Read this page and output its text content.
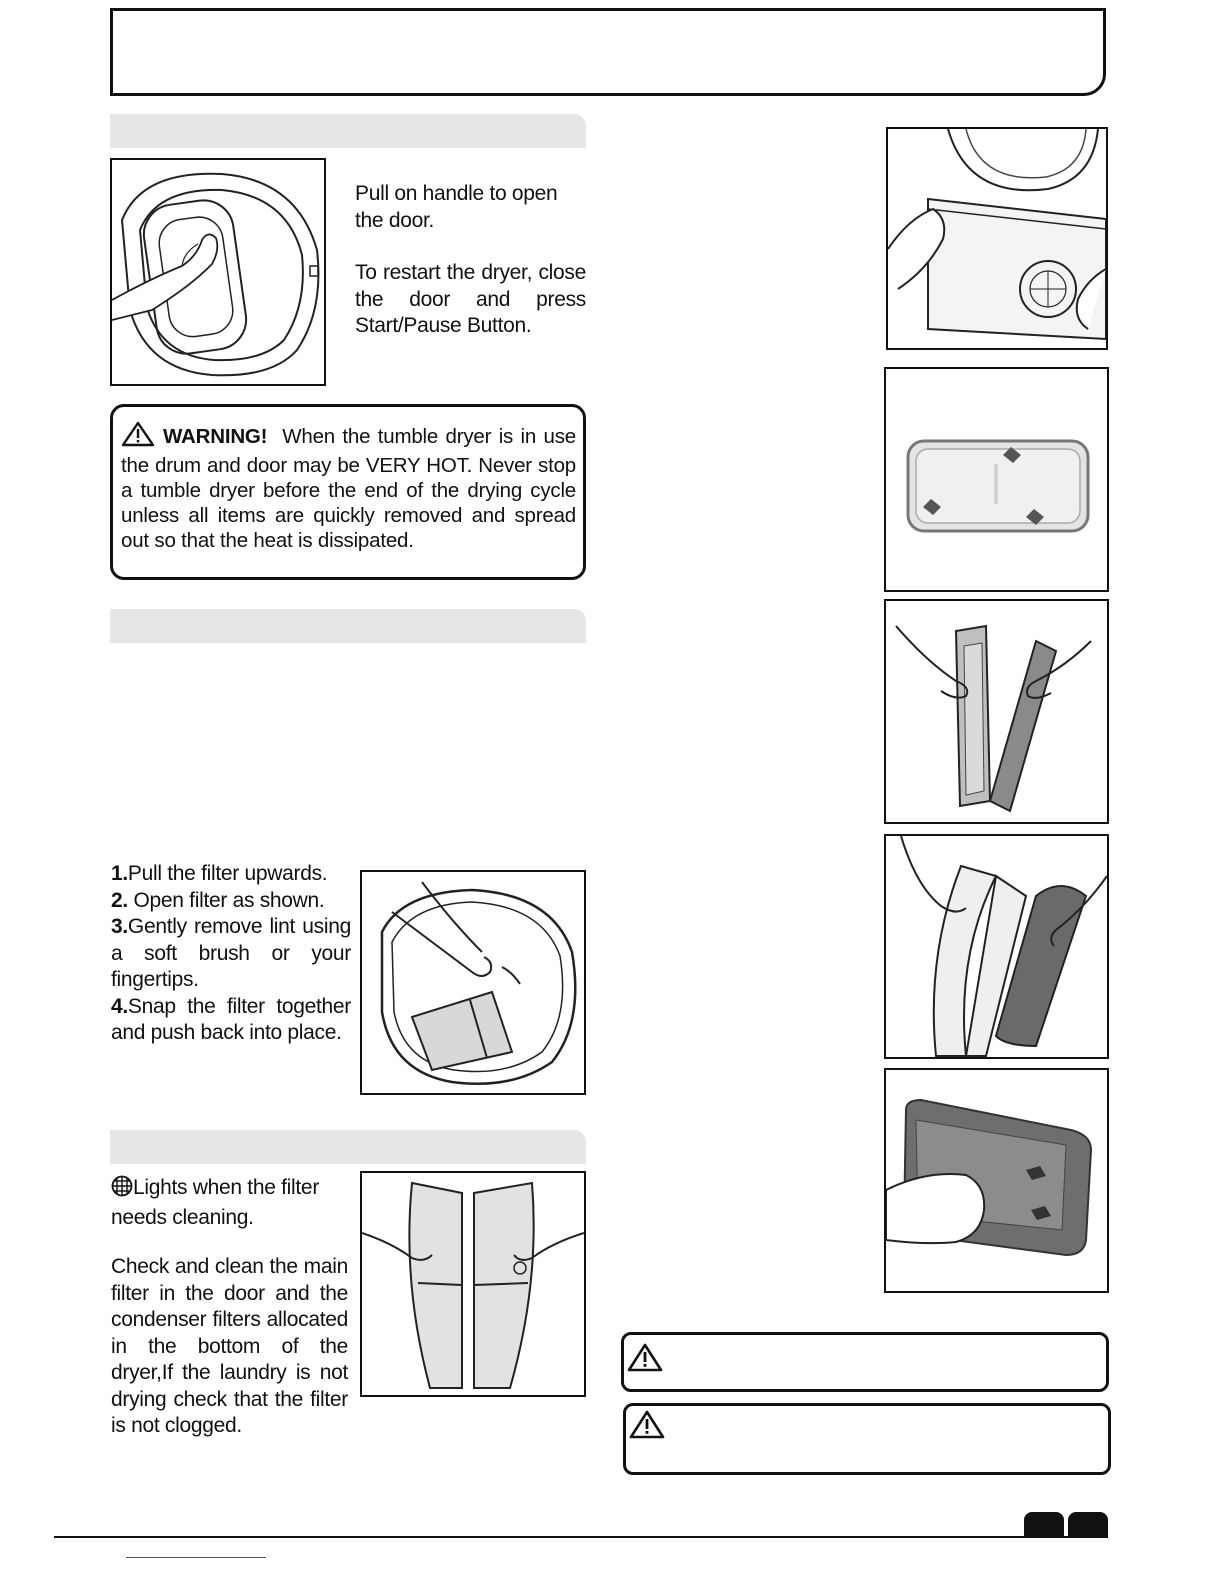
Pull on handle to open the door.
To restart the dryer, close the door and press Start/Pause Button.

WARNING! When the tumble dryer is in use the drum and door may be VERY HOT. Never stop a tumble dryer before the end of the drying cycle unless all items are quickly removed and spread out so that the heat is dissipated.

1.Pull the filter upwards.
2. Open filter as shown.
3.Gently remove lint using a soft brush or your fingertips.
4.Snap the filter together and push back into place.
Lights when the filter needs cleaning.
Check and clean the main filter in the door and the condenser filters allocated in the bottom of the dryer,If the laundry is not drying check that the filter is not clogged.
